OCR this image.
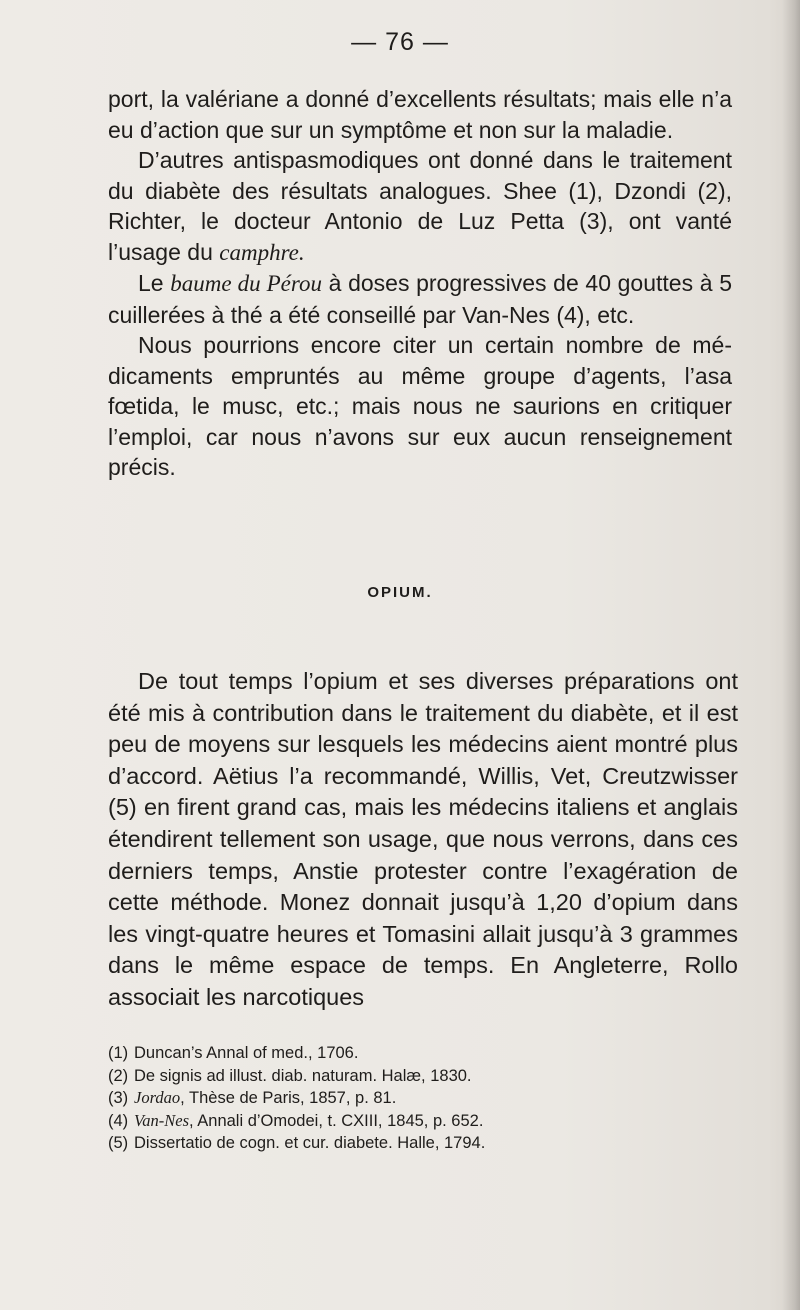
— 76 —

port, la valériane a donné d’excellents résultats; mais elle n’a eu d’action que sur un symptôme et non sur la maladie.

D’autres antispasmodiques ont donné dans le traitement du diabète des résultats analogues. Shee (1), Dzondi (2), Richter, le docteur Antonio de Luz Petta (3), ont vanté l’usage du camphre.

Le baume du Pérou à doses progressives de 40 gouttes à 5 cuillerées à thé a été conseillé par Van-Nes (4), etc.

Nous pourrions encore citer un certain nombre de médicaments empruntés au même groupe d’agents, l’asa fœtida, le musc, etc.; mais nous ne saurions en critiquer l’emploi, car nous n’avons sur eux aucun renseignement précis.

OPIUM.

De tout temps l’opium et ses diverses préparations ont été mis à contribution dans le traitement du diabète, et il est peu de moyens sur lesquels les médecins aient montré plus d’accord. Aëtius l’a recommandé, Willis, Vet, Creutzwisser (5) en firent grand cas, mais les médecins italiens et anglais étendirent tellement son usage, que nous verrons, dans ces derniers temps, Anstie protester contre l’exagération de cette méthode. Monez donnait jusqu’à 1,20 d’opium dans les vingt-quatre heures et Tomasini allait jusqu’à 3 grammes dans le même espace de temps. En Angleterre, Rollo associait les narcotiques

(1) Duncan’s Annal of med., 1706.
(2) De signis ad illust. diab. naturam. Halæ, 1830.
(3) Jordao, Thèse de Paris, 1857, p. 81.
(4) Van-Nes, Annali d’Omodei, t. CXIII, 1845, p. 652.
(5) Dissertatio de cogn. et cur. diabete. Halle, 1794.
